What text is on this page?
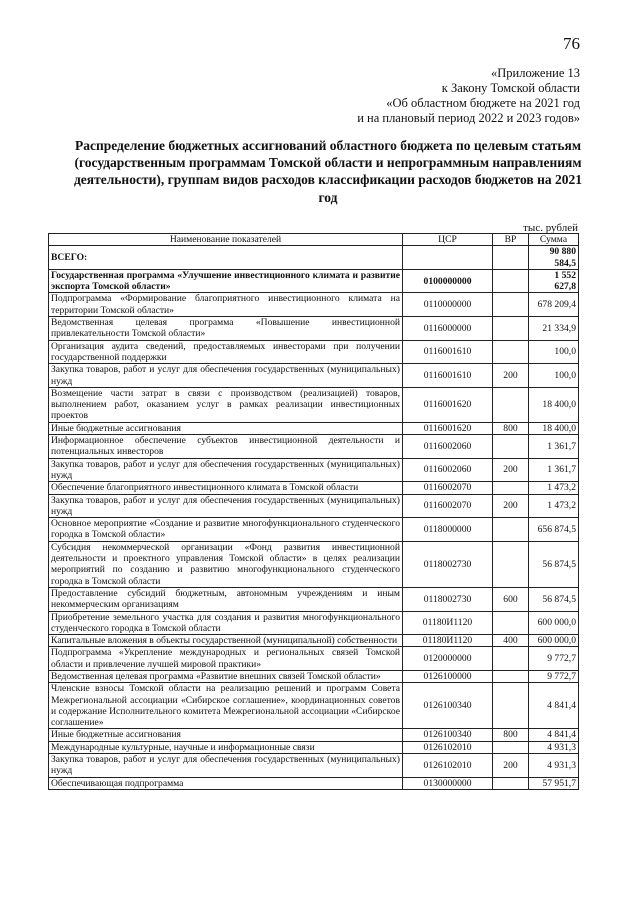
76
«Приложение 13
к Закону Томской области
«Об областном бюджете на 2021 год
и на плановый период 2022 и 2023 годов»
Распределение бюджетных ассигнований областного бюджета по целевым статьям (государственным программам Томской области и непрограммным направлениям деятельности), группам видов расходов классификации расходов бюджетов на 2021 год
тыс. рублей
Наименование показателей	ЦСР	ВР	Сумма
ВСЕГО:			90 880 584,5
Государственная программа «Улучшение инвестиционного климата и развитие экспорта Томской области»	0100000000		1 552 627,8
Подпрограмма «Формирование благоприятного инвестиционного климата на территории Томской области»	0110000000		678 209,4
Ведомственная целевая программа «Повышение инвестиционной привлекательности Томской области»	0116000000		21 334,9
Организация аудита сведений, предоставляемых инвесторами при получении государственной поддержки	0116001610		100,0
Закупка товаров, работ и услуг для обеспечения государственных (муниципальных) нужд	0116001610	200	100,0
Возмещение части затрат в связи с производством (реализацией) товаров, выполнением работ, оказанием услуг в рамках реализации инвестиционных проектов	0116001620		18 400,0
Иные бюджетные ассигнования	0116001620	800	18 400,0
Информационное обеспечение субъектов инвестиционной деятельности и потенциальных инвесторов	0116002060		1 361,7
Закупка товаров, работ и услуг для обеспечения государственных (муниципальных) нужд	0116002060	200	1 361,7
Обеспечение благоприятного инвестиционного климата в Томской области	0116002070		1 473,2
Закупка товаров, работ и услуг для обеспечения государственных (муниципальных) нужд	0116002070	200	1 473,2
Основное мероприятие «Создание и развитие многофункционального студенческого городка в Томской области»	0118000000		656 874,5
Субсидия некоммерческой организации «Фонд развития инвестиционной деятельности и проектного управления Томской области» в целях реализации мероприятий по созданию и развитию многофункционального студенческого городка в Томской области	0118002730		56 874,5
Предоставление субсидий бюджетным, автономным учреждениям и иным некоммерческим организациям	0118002730	600	56 874,5
Приобретение земельного участка для создания и развития многофункционального студенческого городка в Томской области	01180И1120		600 000,0
Капитальные вложения в объекты государственной (муниципальной) собственности	01180И1120	400	600 000,0
Подпрограмма «Укрепление международных и региональных связей Томской области и привлечение лучшей мировой практики»	0120000000		9 772,7
Ведомственная целевая программа «Развитие внешних связей Томской области»	0126100000		9 772,7
Членские взносы Томской области на реализацию решений и программ Совета Межрегиональной ассоциации «Сибирское соглашение», координационных советов и содержание Исполнительного комитета Межрегиональной ассоциации «Сибирское соглашение»	0126100340		4 841,4
Иные бюджетные ассигнования	0126100340	800	4 841,4
Международные культурные, научные и информационные связи	0126102010		4 931,3
Закупка товаров, работ и услуг для обеспечения государственных (муниципальных) нужд	0126102010	200	4 931,3
Обеспечивающая подпрограмма	0130000000		57 951,7
